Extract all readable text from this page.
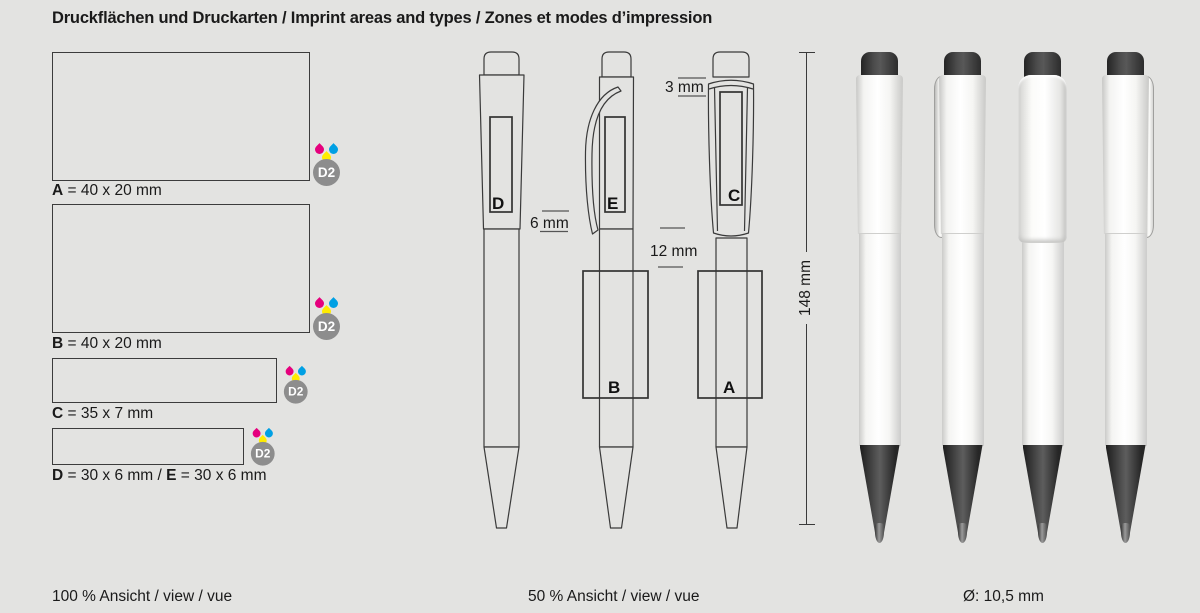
Druckflächen und Druckarten / Imprint areas and types / Zones et modes d’impression
A = 40 x 20 mm
D2
B = 40 x 20 mm
D2
C = 35 x 7 mm
D2
D = 30 x 6 mm / E = 30 x 6 mm
D2
D	E	C
B	A
3 mm
6 mm
12 mm
148 mm
100 % Ansicht / view / vue	50 % Ansicht / view / vue	Ø: 10,5 mm
